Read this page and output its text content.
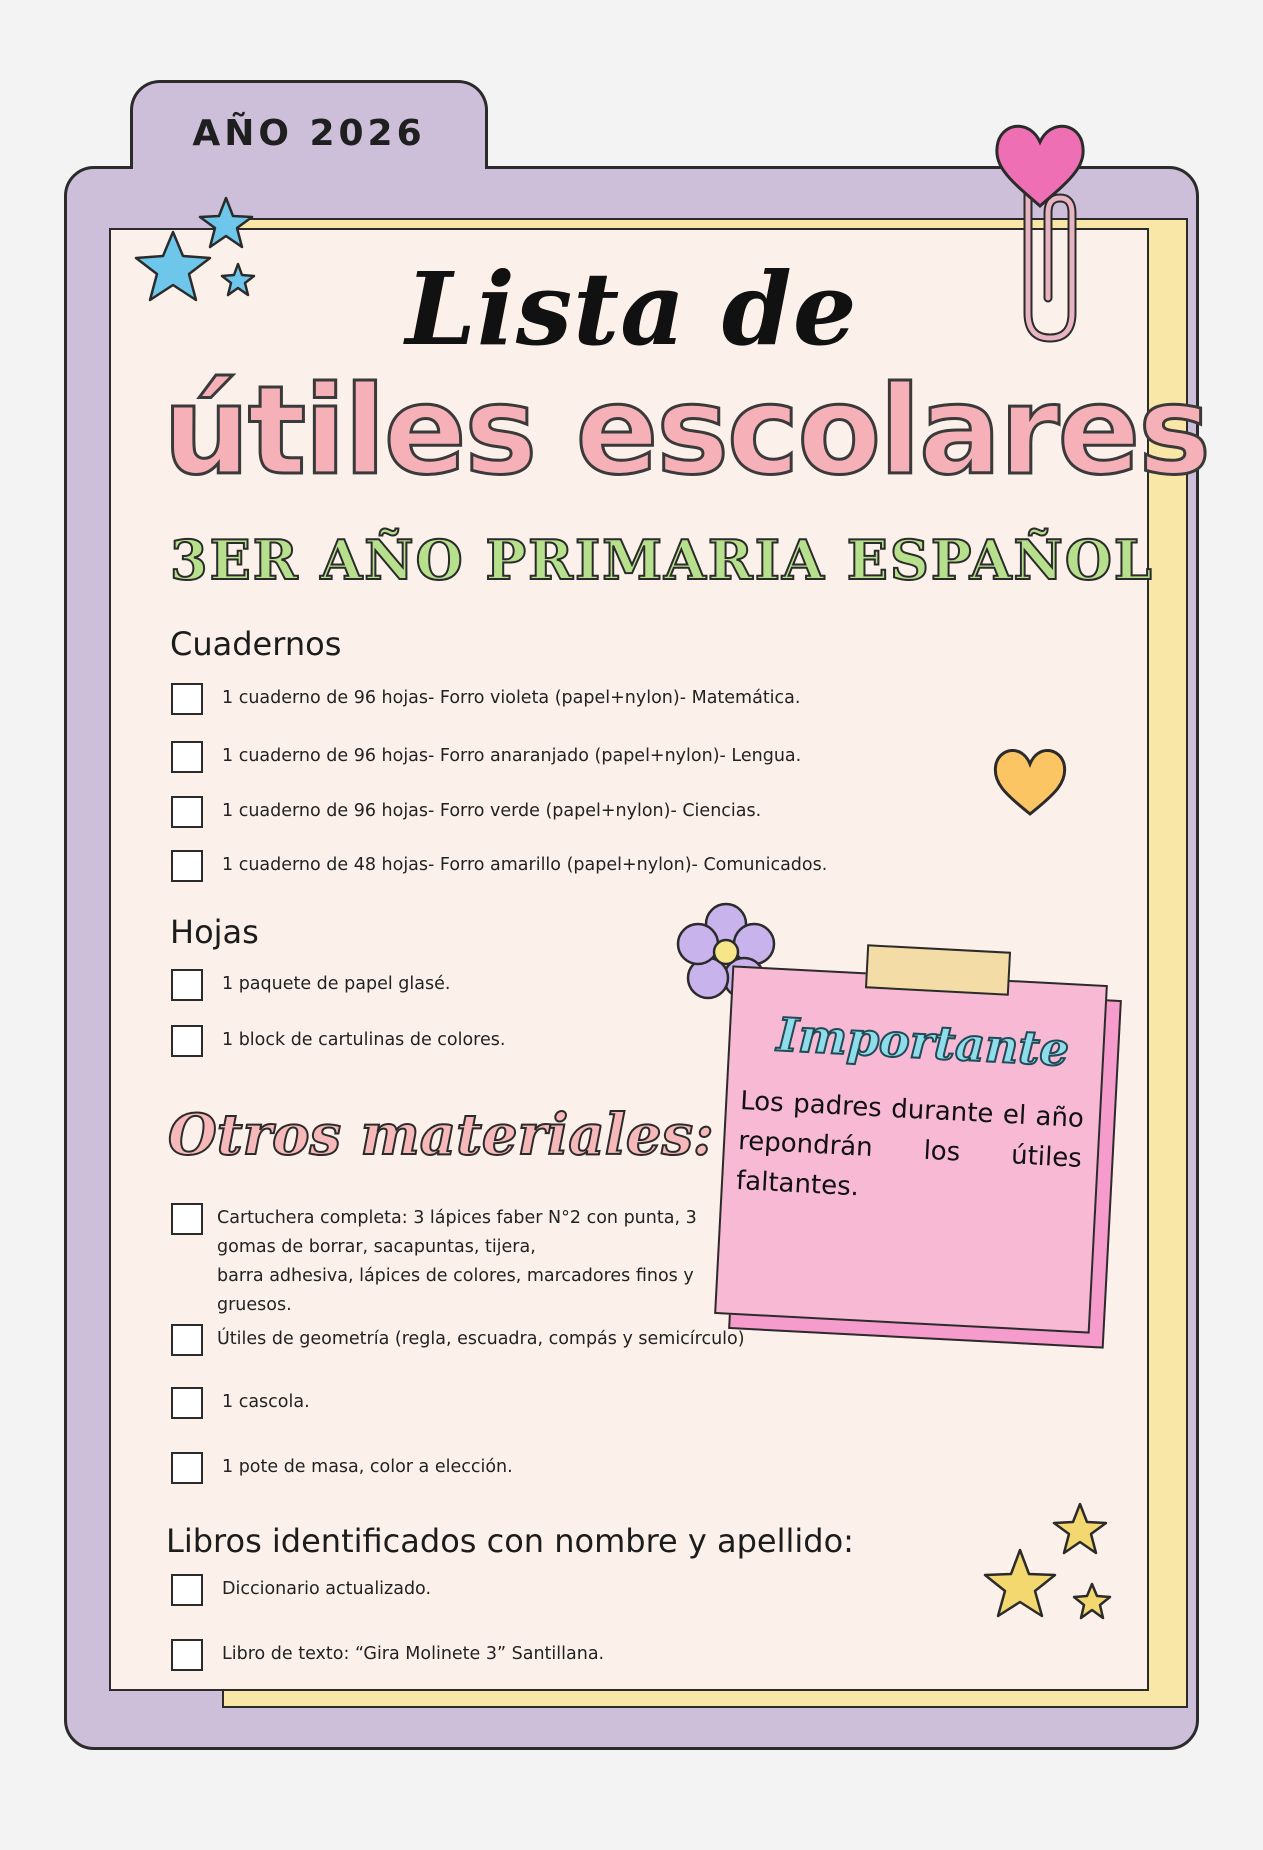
AÑO 2026
Lista de
útiles escolares
3ER AÑO PRIMARIA ESPAÑOL
Cuadernos
1 cuaderno de 96 hojas- Forro violeta (papel+nylon)- Matemática.
1 cuaderno de 96 hojas- Forro anaranjado (papel+nylon)- Lengua.
1 cuaderno de 96 hojas- Forro verde (papel+nylon)- Ciencias.
1 cuaderno de 48 hojas- Forro amarillo (papel+nylon)- Comunicados.
Hojas
1 paquete de papel glasé.
1 block de cartulinas de colores.
Otros materiales:
Cartuchera completa: 3 lápices faber N°2 con punta, 3 gomas de borrar, sacapuntas, tijera,
barra adhesiva, lápices de colores, marcadores finos y gruesos.
Útiles de geometría (regla, escuadra, compás y semicírculo)
1 cascola.
1 pote de masa, color a elección.
Libros identificados con nombre y apellido:
Diccionario actualizado.
Libro de texto: “Gira Molinete 3” Santillana.
Importante
Los padres durante el año repondrán los útiles faltantes.
